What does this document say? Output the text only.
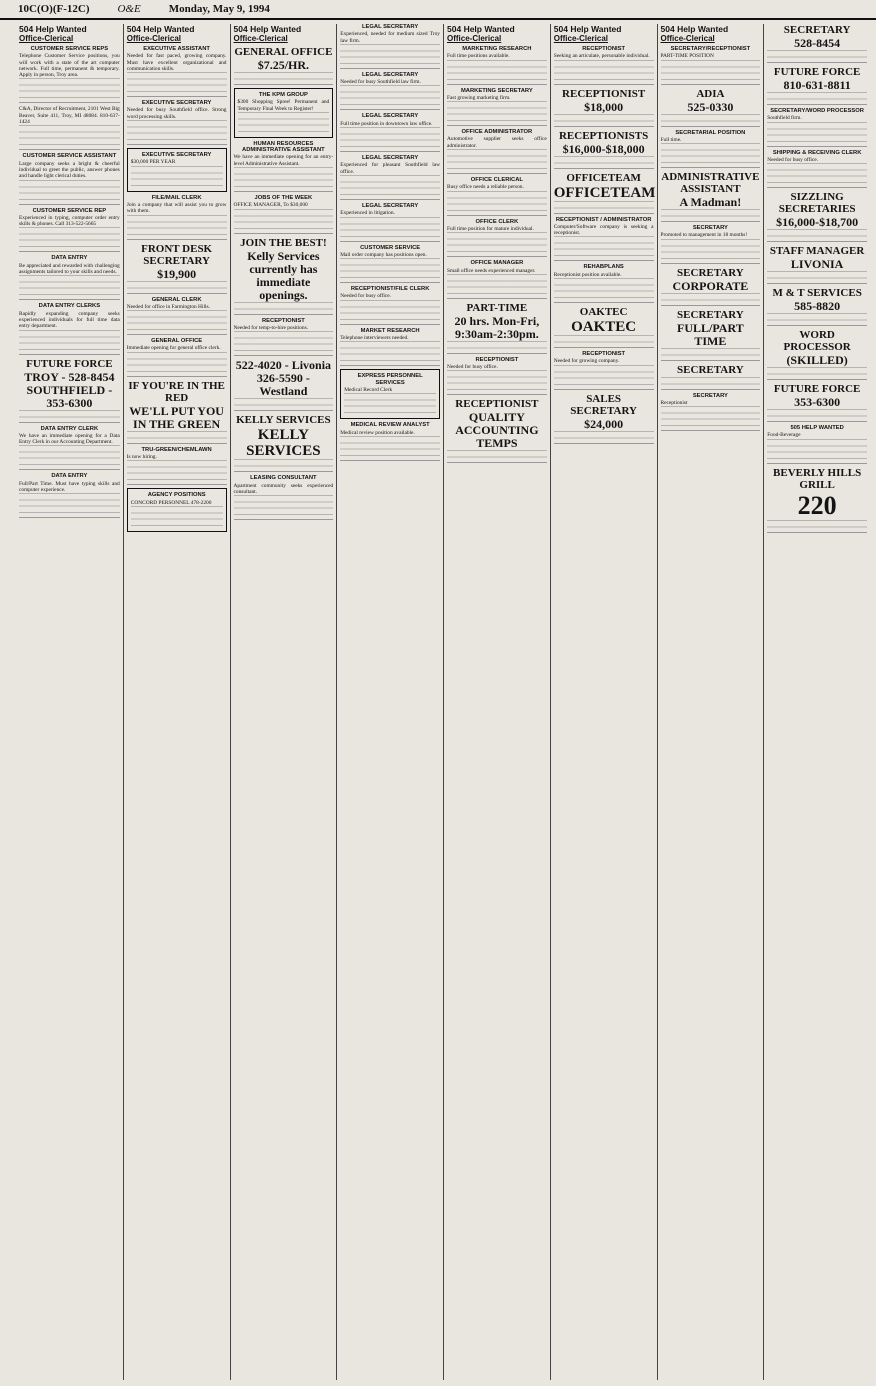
10C(O)(F-12C)	O&E	Monday, May 9, 1994
504 Help Wanted
Office-Clerical
CUSTOMER SERVICE REPS

Telephone Customer Service positions, you will work with a state of the art computer network. Full time, permanent & temporary. Apply in person, Troy area.

C&A, Director of Recruitment, 2101 West Big Beaver, Suite 411, Troy, MI 48084. 810-637-1424

CUSTOMER SERVICE ASSISTANT

Large company seeks a bright & cheerful individual to greet the public, answer phones and handle light clerical duties.

CUSTOMER SERVICE REP

Experienced in typing, computer order entry skills & phones. Call 313-522-5665

DATA ENTRY

Be appreciated and rewarded with challenging assignments tailored to your skills and needs.

DATA ENTRY CLERKS

Rapidly expanding company seeks experienced individuals for full time data entry department.

FUTURE FORCE
TROY - 528-8454 SOUTHFIELD - 353-6300

DATA ENTRY CLERK

We have an immediate opening for a Data Entry Clerk in our Accounting Department.

DATA ENTRY

Full/Part Time. Must have typing skills and computer experience.

504 Help Wanted
Office-Clerical
EXECUTIVE ASSISTANT

Needed for fast paced, growing company. Must have excellent organizational and communication skills.

EXECUTIVE SECRETARY

Needed for busy Southfield office. Strong word processing skills.

EXECUTIVE SECRETARY

$30,000 PER YEAR

FILE/MAIL CLERK

Join a company that will assist you to grow with them.

FRONT DESK SECRETARY
$19,900

GENERAL CLERK

Needed for office in Farmington Hills.

GENERAL OFFICE

Immediate opening for general office clerk.

IF YOU'RE IN THE RED
WE'LL PUT YOU IN THE GREEN

TRU-GREEN/CHEMLAWN

Is now hiring.

AGENCY POSITIONS

CONCORD PERSONNEL 478-2200

504 Help Wanted
Office-Clerical
GENERAL OFFICE
$7.25/HR.

THE KPM GROUP

$300 Shopping Spree! Permanent and Temporary Final Week to Register!

HUMAN RESOURCES ADMINISTRATIVE ASSISTANT

We have an immediate opening for an entry-level Administrative Assistant.

JOBS OF THE WEEK

OFFICE MANAGER, To $30,000

JOIN THE BEST!
Kelly Services currently has immediate openings.

RECEPTIONIST

Needed for temp-to-hire positions.

522-4020 - Livonia 326-5590 - Westland

KELLY SERVICES
KELLY SERVICES

LEASING CONSULTANT

Apartment community seeks experienced consultant.

LEGAL SECRETARY

Experienced, needed for medium sized Troy law firm.

LEGAL SECRETARY

Needed for busy Southfield law firm.

LEGAL SECRETARY

Full time position in downtown law office.

LEGAL SECRETARY

Experienced for pleasant Southfield law office.

LEGAL SECRETARY

Experienced in litigation.

CUSTOMER SERVICE

Mail order company has positions open.

RECEPTIONIST/FILE CLERK

Needed for busy office.

MARKET RESEARCH

Telephone interviewers needed.

EXPRESS PERSONNEL SERVICES

Medical Record Clerk

MEDICAL REVIEW ANALYST

Medical review position available.

504 Help Wanted
Office-Clerical
MARKETING RESEARCH

Full time positions available.

MARKETING SECRETARY

Fast growing marketing firm.

OFFICE ADMINISTRATOR

Automotive supplier seeks office administrator.

OFFICE CLERICAL

Busy office needs a reliable person.

OFFICE CLERK

Full time position for mature individual.

OFFICE MANAGER

Small office needs experienced manager.

PART-TIME
20 hrs. Mon-Fri, 9:30am-2:30pm.

RECEPTIONIST

Needed for busy office.

RECEPTIONIST
QUALITY ACCOUNTING TEMPS

504 Help Wanted
Office-Clerical
RECEPTIONIST

Seeking an articulate, personable individual.

RECEPTIONIST
$18,000

RECEPTIONISTS
$16,000-$18,000

OFFICETEAM
OFFICETEAM

RECEPTIONIST / ADMINISTRATOR

Computer/Software company is seeking a receptionist.

REHABPLANS

Receptionist position available.

OAKTEC
OAKTEC

RECEPTIONIST

Needed for growing company.

SALES SECRETARY
$24,000

504 Help Wanted
Office-Clerical
SECRETARY/RECEPTIONIST

PART-TIME POSITION

ADIA
525-0330

SECRETARIAL POSITION

Full time.

ADMINISTRATIVE ASSISTANT
A Madman!

SECRETARY

Promoted to management in 18 months!

SECRETARY
CORPORATE

SECRETARY
FULL/PART TIME

SECRETARY

SECRETARY

Receptionist

SECRETARY
528-8454

FUTURE FORCE
810-631-8811

SECRETARY/WORD PROCESSOR

Southfield firm.

SHIPPING & RECEIVING CLERK

Needed for busy office.

SIZZLING SECRETARIES
$16,000-$18,700

STAFF MANAGER
LIVONIA

M & T SERVICES
585-8820

WORD PROCESSOR
(SKILLED)

FUTURE FORCE
353-6300

505 HELP WANTED

Food-Beverage

BEVERLY HILLS GRILL
220
